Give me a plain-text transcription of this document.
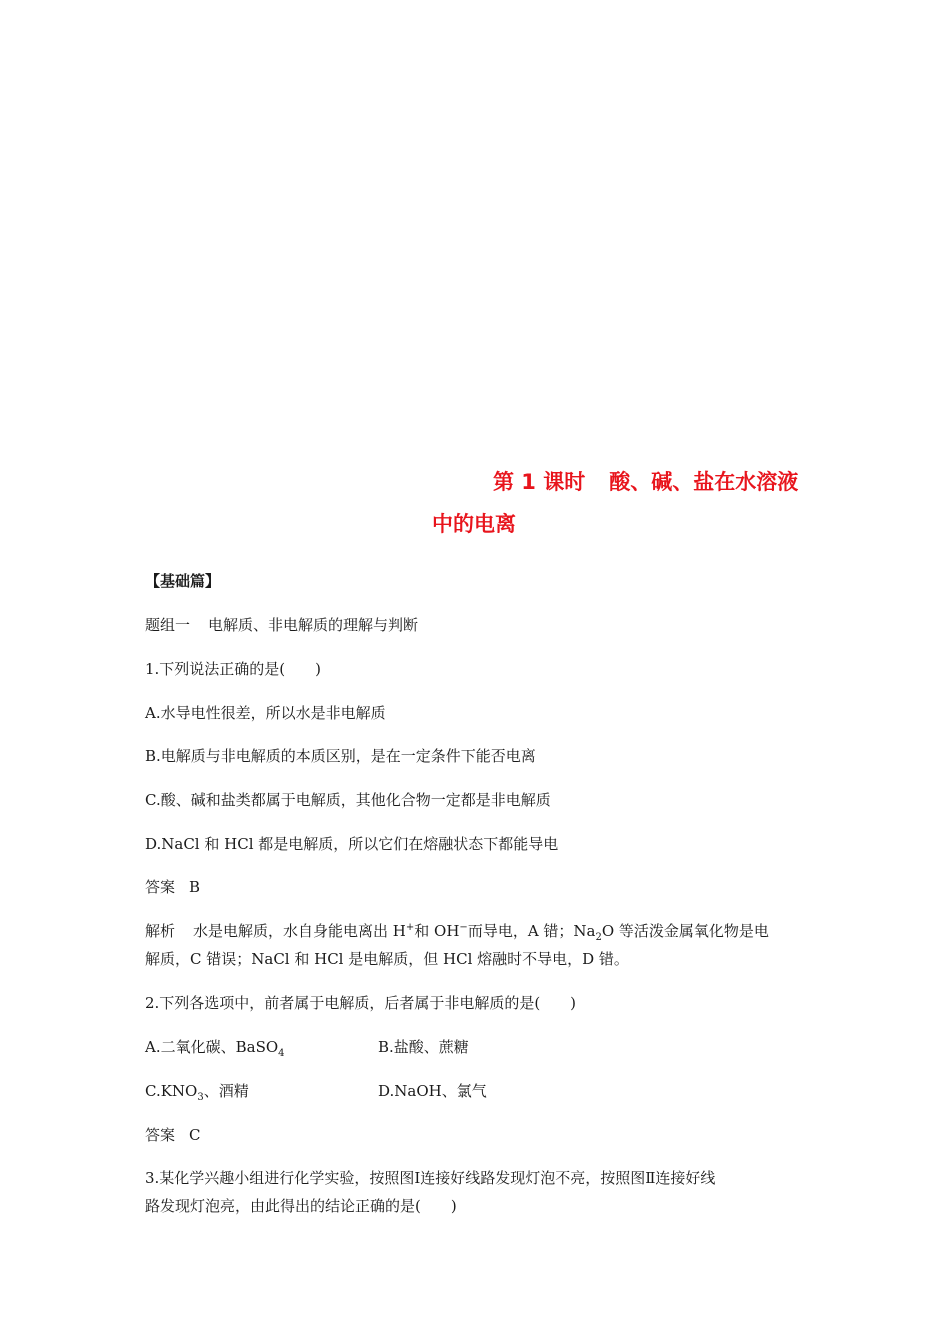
第 1 课时 酸、碱、盐在水溶液
中的电离
【基础篇】
题组一 电解质、非电解质的理解与判断
1.下列说法正确的是(　　)
A.水导电性很差，所以水是非电解质
B.电解质与非电解质的本质区别，是在一定条件下能否电离
C.酸、碱和盐类都属于电解质，其他化合物一定都是非电解质
D.NaCl 和 HCl 都是电解质，所以它们在熔融状态下都能导电
答案 B
解析 水是电解质，水自身能电离出 H+和 OH−而导电，A 错；$Na_2O$ 等活泼金属氧化物是电
解质，C 错误；NaCl 和 HCl 是电解质，但 HCl 熔融时不导电，D 错。
2.下列各选项中，前者属于电解质，后者属于非电解质的是(　　)
A.二氧化碳、BaSO$_4$	B.盐酸、蔗糖
$C.KNO_3$、酒精	D.NaOH、氯气
答案 C
3.某化学兴趣小组进行化学实验，按照图Ⅰ连接好线路发现灯泡不亮，按照图Ⅱ连接好线
路发现灯泡亮，由此得出的结论正确的是(　　)
